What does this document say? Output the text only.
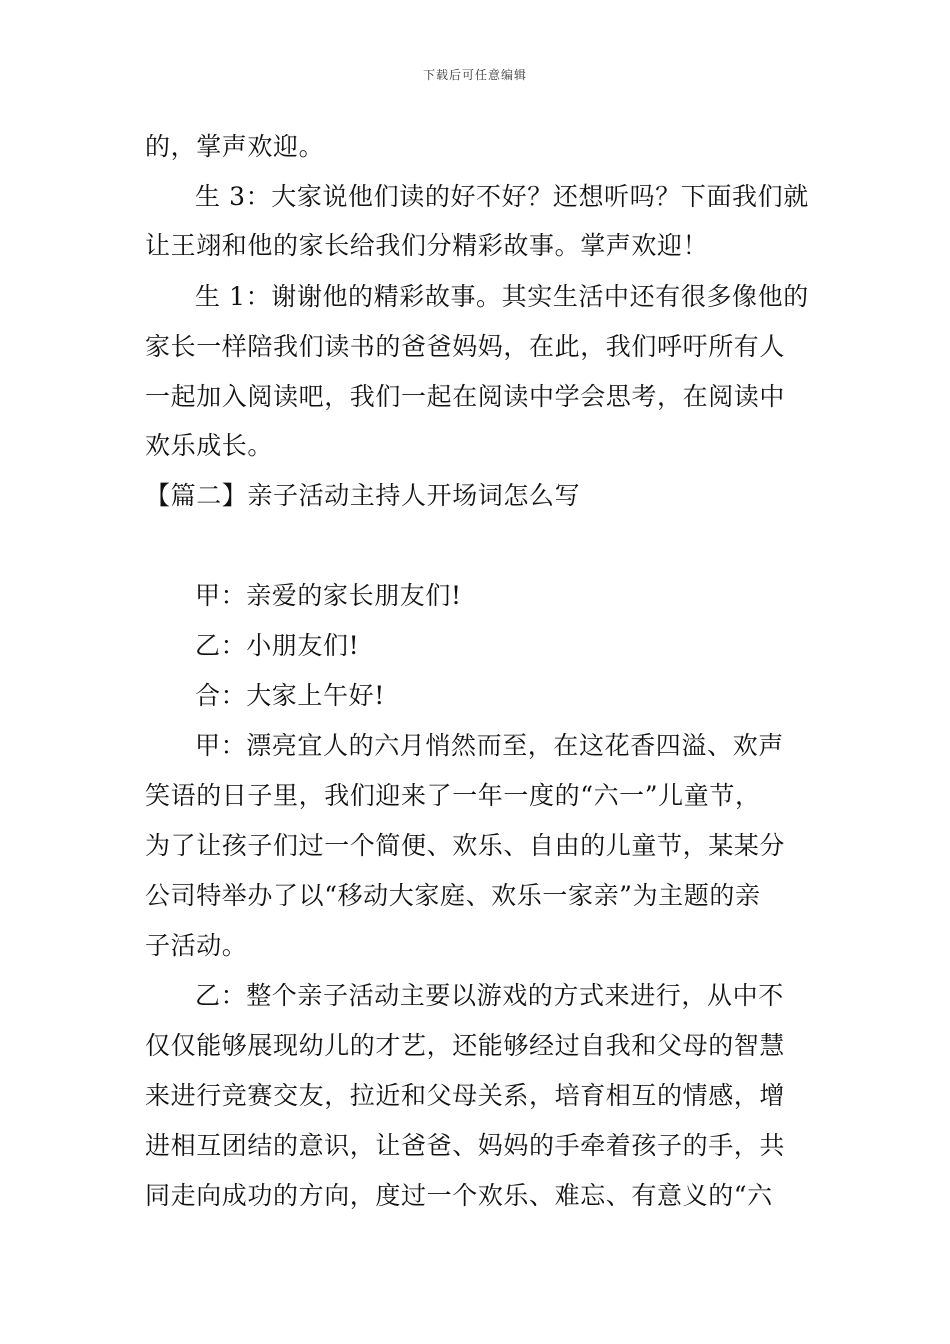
下载后可任意编辑
的，掌声欢迎。
生 3：大家说他们读的好不好？还想听吗？下面我们就
让王翊和他的家长给我们分精彩故事。掌声欢迎！
生 1：谢谢他的精彩故事。其实生活中还有很多像他的
家长一样陪我们读书的爸爸妈妈，在此，我们呼吁所有人
一起加入阅读吧，我们一起在阅读中学会思考，在阅读中
欢乐成长。
【篇二】亲子活动主持人开场词怎么写
甲：亲爱的家长朋友们!
乙：小朋友们!
合：大家上午好!
甲：漂亮宜人的六月悄然而至，在这花香四溢、欢声
笑语的日子里，我们迎来了一年一度的“六一”儿童节，
为了让孩子们过一个简便、欢乐、自由的儿童节，某某分
公司特举办了以“移动大家庭、欢乐一家亲”为主题的亲
子活动。
乙：整个亲子活动主要以游戏的方式来进行，从中不
仅仅能够展现幼儿的才艺，还能够经过自我和父母的智慧
来进行竞赛交友，拉近和父母关系，培育相互的情感，增
进相互团结的意识，让爸爸、妈妈的手牵着孩子的手，共
同走向成功的方向，度过一个欢乐、难忘、有意义的“六
